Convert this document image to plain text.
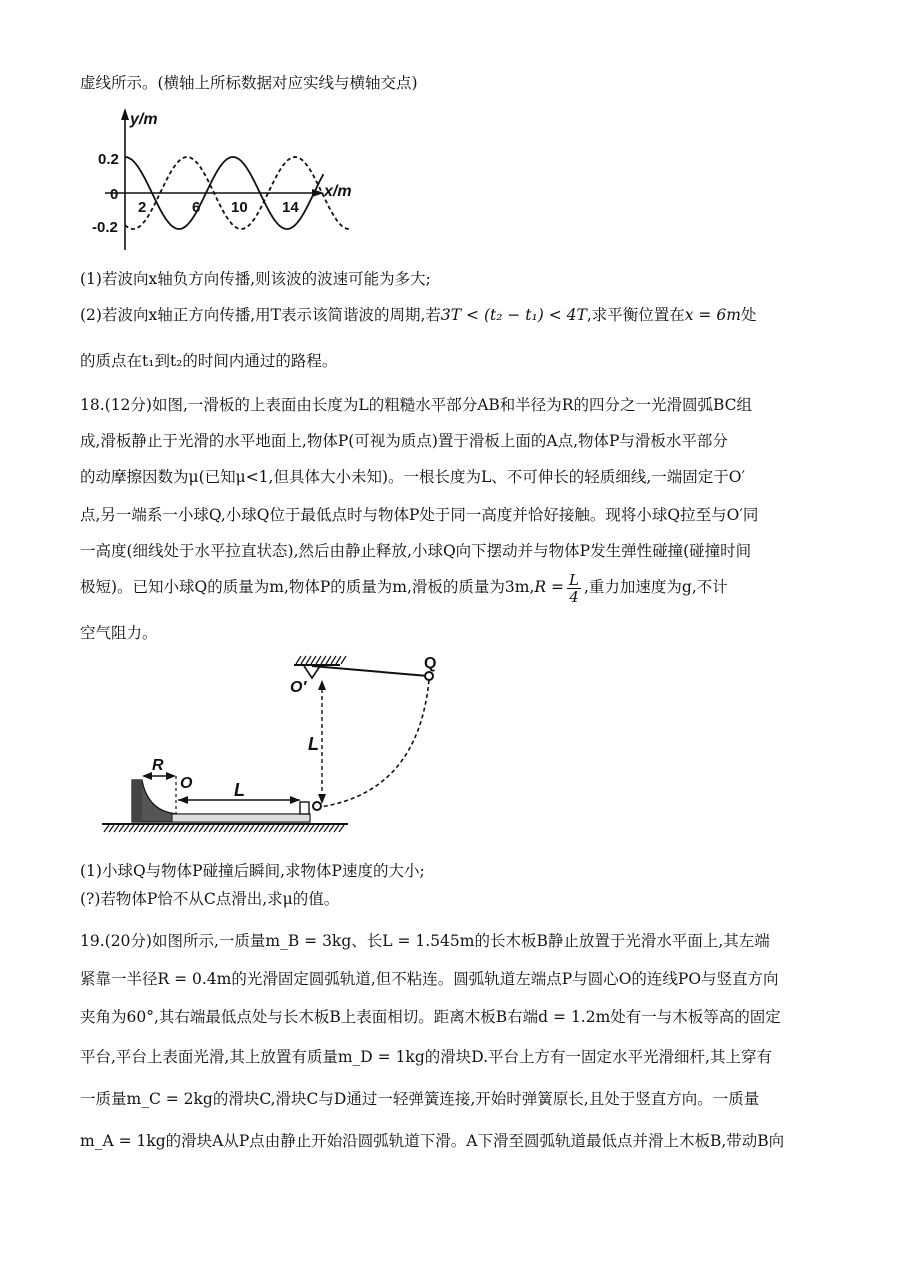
虚线所示。(横轴上所标数据对应实线与横轴交点)
y/m
x/m
0.2
0
-0.2
2	6 10 14
(1)若波向x轴负方向传播,则该波的波速可能为多大;
(2)若波向x轴正方向传播,用T表示该简谐波的周期,若3T < (t₂ − t₁) < 4T,求平衡位置在x = 6m处
的质点在t₁到t₂的时间内通过的路程。
18.(12分)如图,一滑板的上表面由长度为L的粗糙水平部分AB和半径为R的四分之一光滑圆弧BC组
成,滑板静止于光滑的水平地面上,物体P(可视为质点)置于滑板上面的A点,物体P与滑板水平部分
的动摩擦因数为μ(已知μ<1,但具体大小未知)。一根长度为L、不可伸长的轻质细线,一端固定于O′
点,另一端系一小球Q,小球Q位于最低点时与物体P处于同一高度并恰好接触。现将小球Q拉至与O′同
一高度(细线处于水平拉直状态),然后由静止释放,小球Q向下摆动并与物体P发生弹性碰撞(碰撞时间
极短)。已知小球Q的质量为m,物体P的质量为m,滑板的质量为$3m,R = \frac{L}{4}$ ,重力加速度为g,不计
空气阻力。
Q
O′
L
R
O L
(1)小球Q与物体P碰撞后瞬间,求物体P速度的大小;
(?)若物体P恰不从C点滑出,求μ的值。
19.(20分)如图所示,一质量m_B = 3kg、长L = 1.545m的长木板B静止放置于光滑水平面上,其左端
紧靠一半径R = 0.4m的光滑固定圆弧轨道,但不粘连。圆弧轨道左端点P与圆心O的连线PO与竖直方向
夹角为60°,其右端最低点处与长木板B上表面相切。距离木板B右端d = 1.2m处有一与木板等高的固定
平台,平台上表面光滑,其上放置有质量m_D = 1kg的滑块D.平台上方有一固定水平光滑细杆,其上穿有
一质量m_C = 2kg的滑块C,滑块C与D通过一轻弹簧连接,开始时弹簧原长,且处于竖直方向。一质量
m_A = 1kg的滑块A从P点由静止开始沿圆弧轨道下滑。A下滑至圆弧轨道最低点并滑上木板B,带动B向
